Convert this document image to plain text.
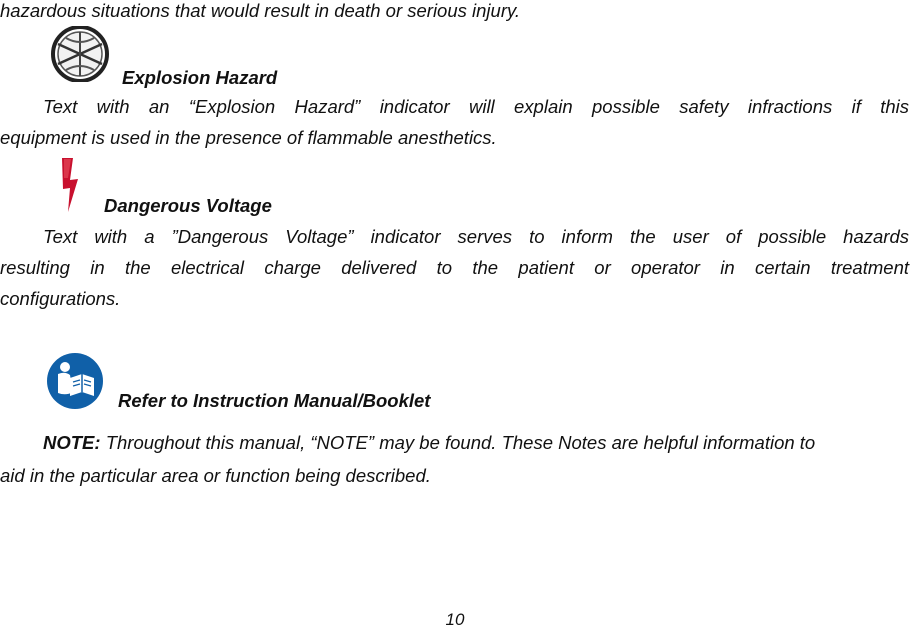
hazardous situations that would result in death or serious injury.
Explosion Hazard
Text with an “Explosion Hazard” indicator will explain possible safety infractions if this
equipment is used in the presence of flammable anesthetics.
Dangerous Voltage
Text with a ”Dangerous Voltage” indicator serves to inform the user of possible hazards
resulting in the electrical charge delivered to the patient or operator in certain treatment
configurations.
Refer to Instruction Manual/Booklet
NOTE: Throughout this manual, “NOTE” may be found. These Notes are helpful information to
aid in the particular area or function being described.
10
